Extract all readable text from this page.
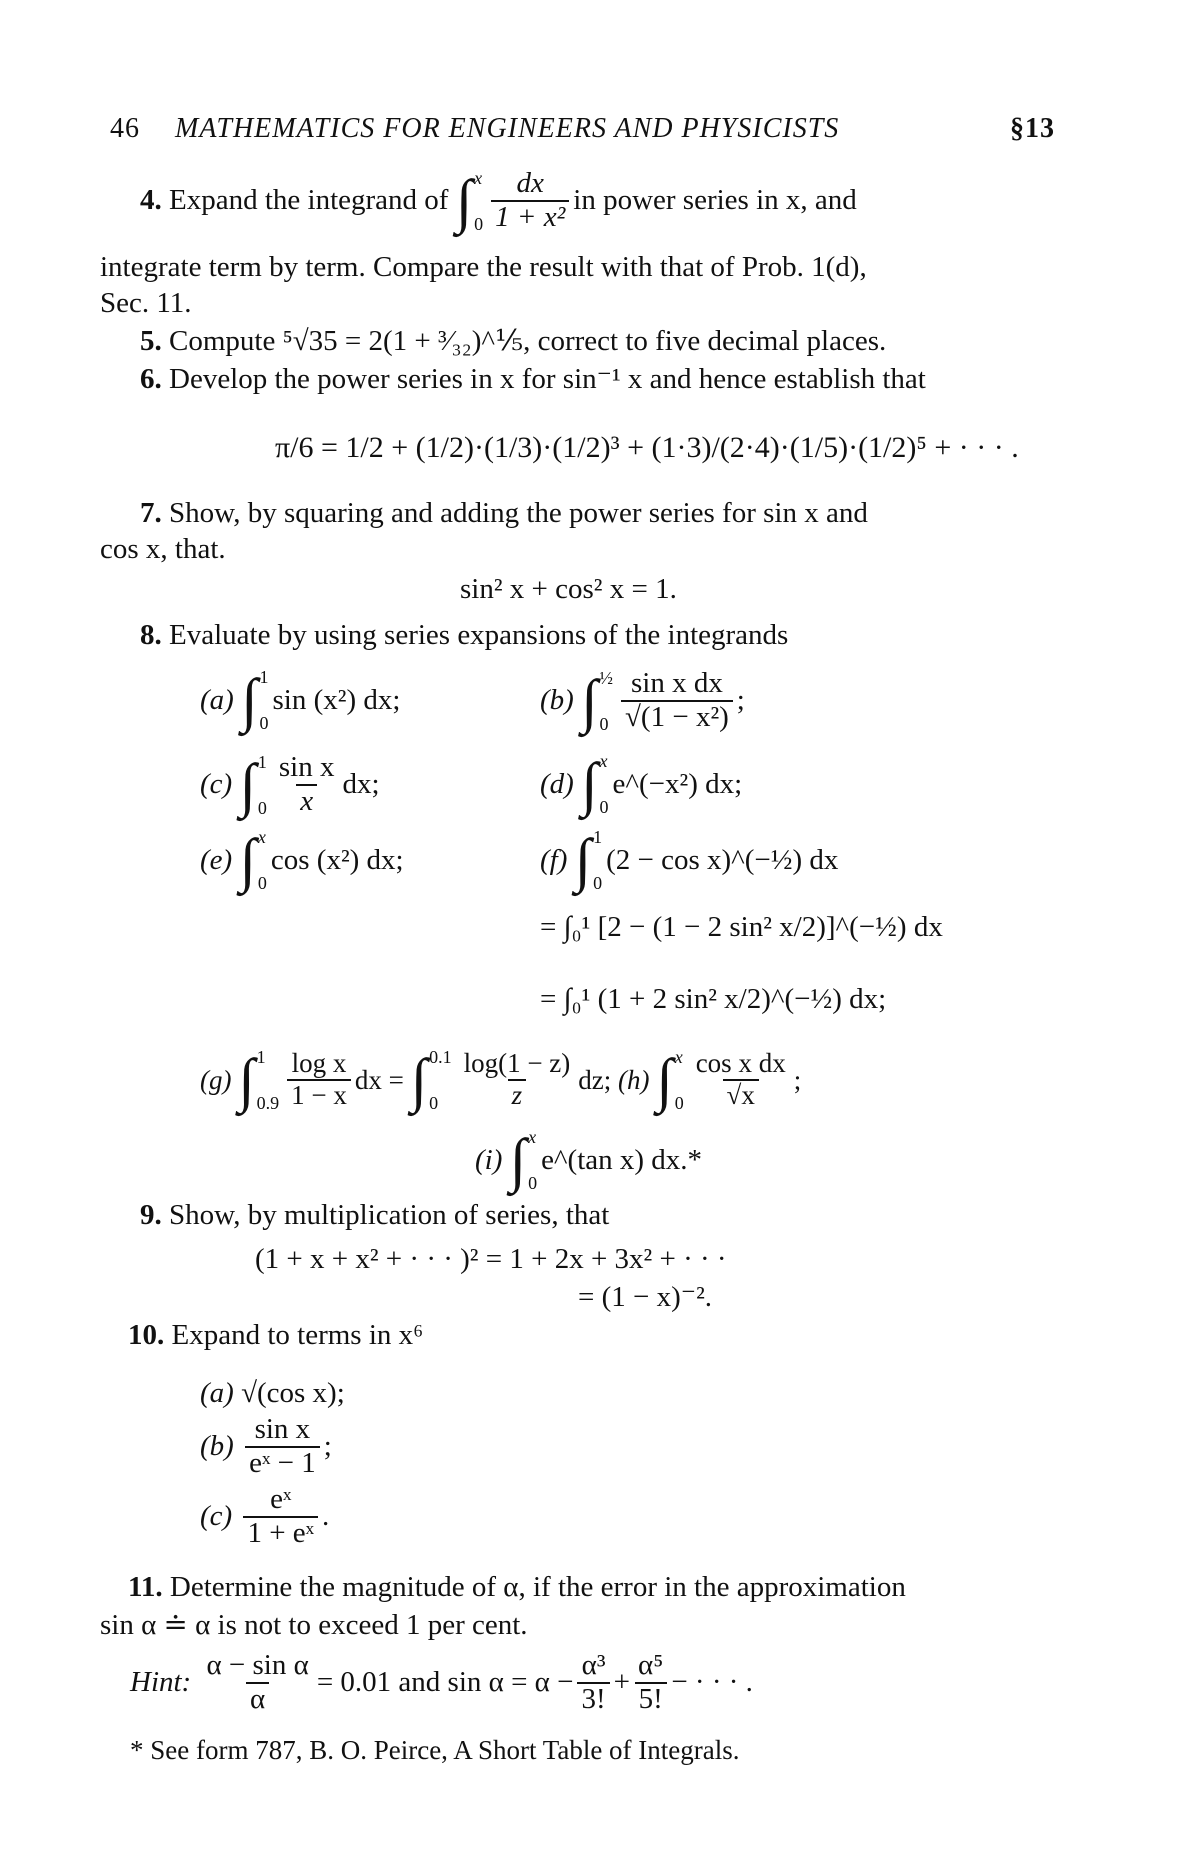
46 MATHEMATICS FOR ENGINEERS AND PHYSICISTS	§13
4.
Expand the integrand of
∫ x
$0 \frac{dx}{\text{1 + x²}}$ in power series in x, and
integrate term by term. Compare the result with that of Prob. 1(d),
Sec. 11.
5. Compute ⁵√35 = 2(1 + ³⁄₃₂)^⅕, correct to five decimal places.
6. Develop the power series in x for sin⁻¹ x and hence establish that
π/6 = 1/2 + (1/2)·(1/3)·(1/2)³ + (1·3)/(2·4)·(1/5)·(1/2)⁵ + · · · .
7. Show, by squaring and adding the power series for sin x and
cos x, that.
sin² x + cos² x = 1.
8. Evaluate by using series expansions of the integrands
(a)
∫ 1
0
sin (x²) dx;	(b)
∫ ½
$0 \frac{\text{sin x dx}}{\text{√(1 − x²)}}$ ;
(c)
∫ 1
$0 \frac{\text{sin x}}{x}$ dx;	(d)
∫ x
0
e^(−x²) dx;
(e)
∫ x
0
cos (x²) dx;	(f)
∫ 1
0
(2 − cos x)^(−½) dx
= ∫₀¹ [2 − (1 − 2 sin² x/2)]^(−½) dx
= ∫₀¹ (1 + 2 sin² x/2)^(−½) dx;
(g)
∫ 1
$0.9 \frac{\text{log x}}{1 - x}$ dx =
∫ 0.1
$0 \frac{\log(1 - z)}{z}$ dz;
(h)
∫ x
$0 \frac{\text{cos x dx}}{√x}$ ;
(i)
∫ x
0
e^(tan x) dx.*
9. Show, by multiplication of series, that
(1 + x + x² + · · · )² = 1 + 2x + 3x² + · · ·
= (1 − x)⁻².
10. Expand to terms in x⁶
(a) √(cos x);
(b)
$\frac{\text{sin x}}{\text{eˣ − 1}}$ ;
(c)
$\frac{\text{eˣ}}{\text{1 + eˣ}}$ .
11. Determine the magnitude of α, if the error in the approximation
sin α ≐ α is not to exceed 1 per cent.
Hint:
$\frac{\text{α − sin α}}{\alpha} = 0.01$ and $\sin \alpha = \alpha - \frac{\text{α³}}{3!} + \frac{\text{α⁵}}{5!}$ − · · · .
* See form 787, B. O. Peirce, A Short Table of Integrals.
